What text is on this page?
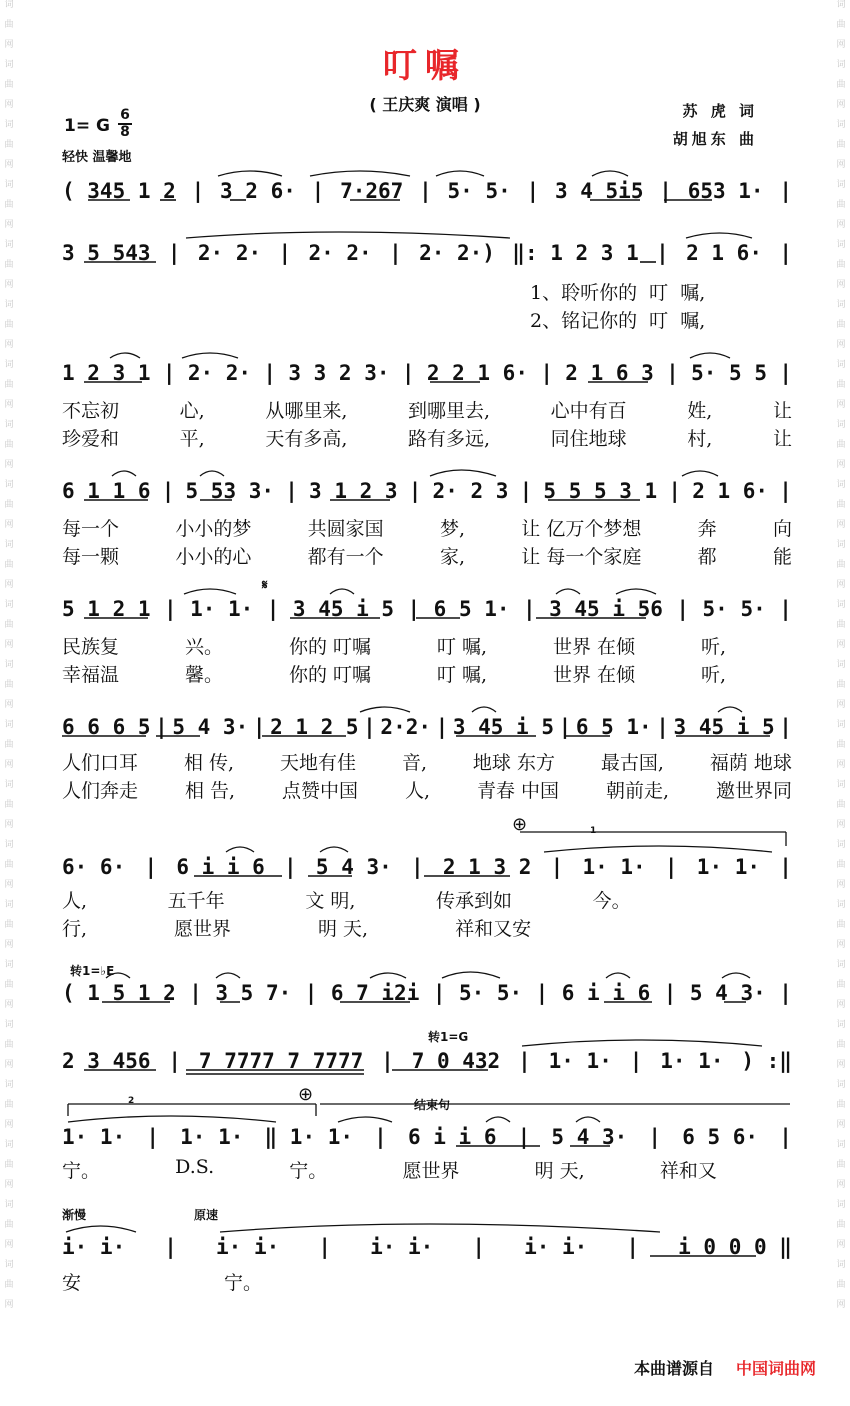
词
曲
网
词
曲
网
词
曲
网
词
曲
网
词
曲
网
词
曲
网
词
曲
网
词
曲
网
词
曲
网
词
曲
网
词
曲
网
词
曲
网
词
曲
网
词
曲
网
词
曲
网
词
曲
网
词
曲
网
词
曲
网
词
曲
网
词
曲
网
词
曲
网
词
曲
网
词
曲
网
词
曲
网
词
曲
网
词
曲
网
词
曲
网
词
曲
网
词
曲
网
词
曲
网
词
曲
网
词
曲
网
词
曲
网
词
曲
网
词
曲
网
词
曲
网
词
曲
网
词
曲
网
词
曲
网
词
曲
网
词
曲
网
词
曲
网
词
曲
网
词
曲
网
叮嘱
( 王庆爽 演唱 )	苏 虎 词
胡旭东 曲
1= G
6
8
轻快 温馨地
( 345 1 2 | 3 2 6· | 7·267 | 5· 5· | 3 4 5i5 | 653 1· |
3 5 543 | 2· 2· | 2· 2· | 2· 2·) ‖: 1 2 3 1 | 2 1 6· |
1、聆听你的  叮  嘱,
2、铭记你的  叮  嘱,
1 2 3 1 | 2· 2· | 3 3 2 3· | 2 2 1 6· | 2 1 6 3 | 5· 5 5 |
不忘初	心,	从哪里来,	到哪里去,	心中有百	姓,	让
珍爱和	平,	天有多高,	路有多远,	同住地球	村,	让
6 1 1 6 | 5 53 3· | 3 1 2 3 | 2· 2 3 | 5 5 5 3 1 | 2 1 6· |
每一个	小小的梦	共圆家国	梦,	让 亿万个梦想	奔	向
每一颗	小小的心	都有一个	家,	让 每一个家庭	都	能
𝄋
5 1 2 1 | 1· 1· | 3 45 i 5 | 6 5 1· | 3 45 i 56 | 5· 5· |
民族复	兴。	你的 叮嘱	叮 嘱,	世界 在倾	听,
幸福温	馨。	你的 叮嘱	叮 嘱,	世界 在倾	听,
6 6 6 5 | 5 4 3· | 2 1 2 5 | 2·2· | 3 45 i 5 | 6 5 1· | 3 45 i 5 |
人们口耳 相 传, 天地有佳 音, 地球 东方 最古国, 福荫 地球
人们奔走 相 告, 点赞中国 人, 青春 中国 朝前走, 邀世界同
⊕	1
6· 6· | 6 i i 6 | 5 4 3· | 2 1 3 2 | 1· 1· | 1· 1· |
人,	五千年	文 明,	传承到如	今。
行,	愿世界	明 天,	祥和又安
转1=♭E
( 1 5 1 2 | 3 5 7· | 6 7 i2i | 5· 5· | 6 i i 6 | 5 4 3· |
转1=G
2 3 456 | 7 7777 7 7777 | 7 0 432 | 1· 1· | 1· 1· ) :‖
2	⊕	结束句
1· 1· | 1· 1· ‖ 1· 1· | 6 i i 6 | 5 4 3· | 6 5 6· |
宁。	D.S.	宁。	愿世界	明 天,	祥和又
渐慢	原速
i· i· | i· i· | i· i· | i· i· | i 0 0 0 ‖
安	宁。
本曲谱源自 中国词曲网
